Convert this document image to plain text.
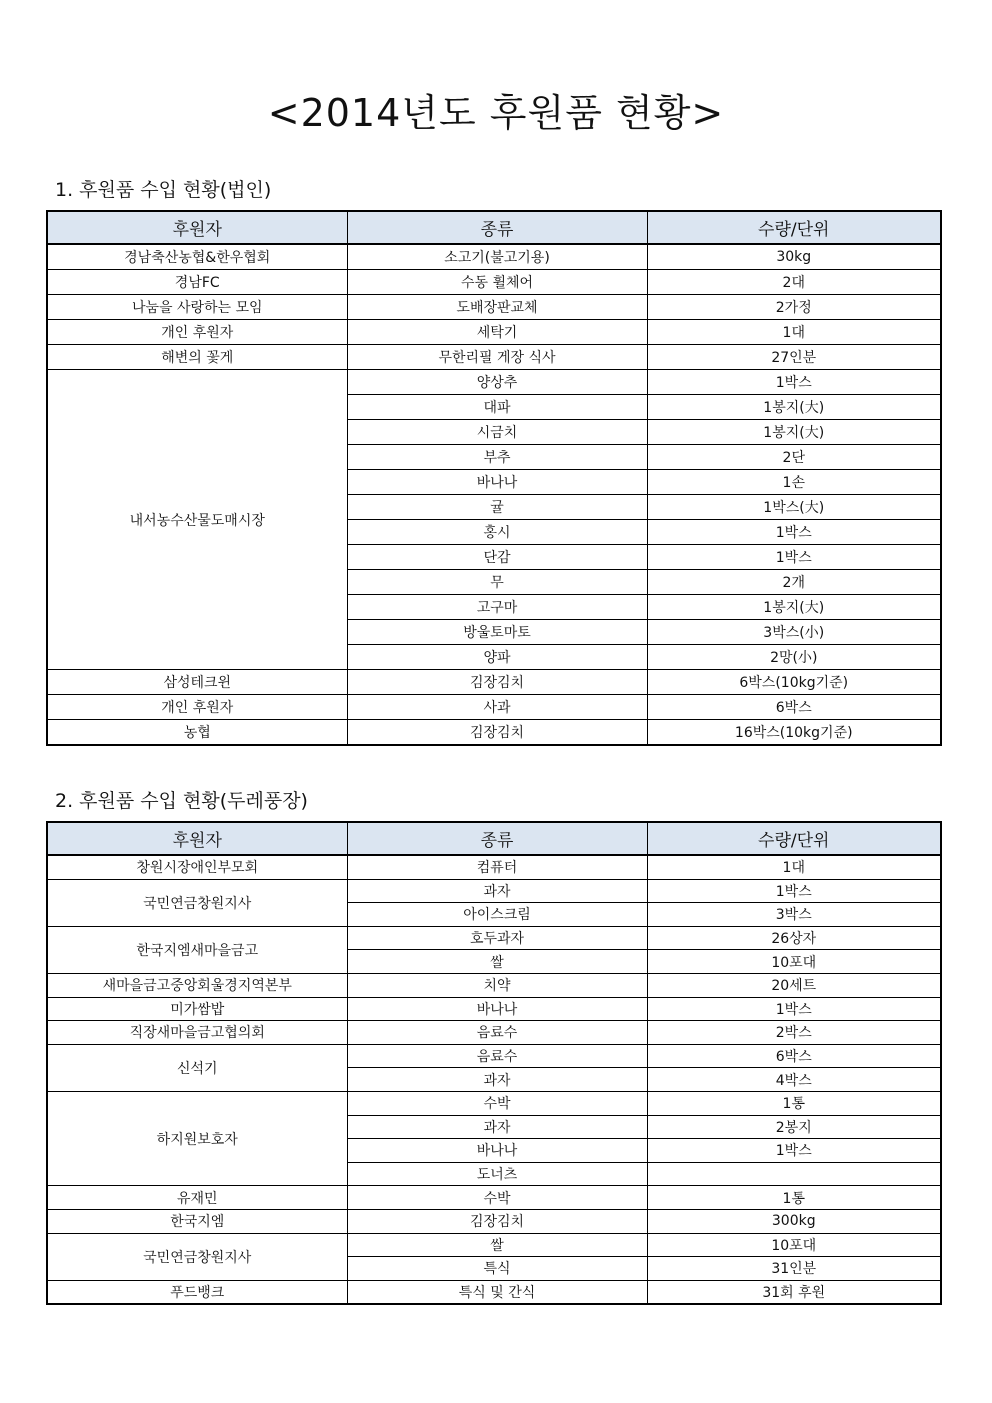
<2014년도 후원품 현황>
1. 후원품 수입 현황(법인)
후원자	종류	수량/단위
경남축산농협&한우협회	소고기(불고기용)	30kg
경남FC	수동 휠체어	2대
나눔을 사랑하는 모임	도배장판교체	2가정
개인 후원자	세탁기	1대
해변의 꽃게	무한리필 게장 식사	27인분
내서농수산물도매시장	양상추	1박스
	대파	1봉지(大)
	시금치	1봉지(大)
	부추	2단
	바나나	1손
	귤	1박스(大)
	홍시	1박스
	단감	1박스
	무	2개
	고구마	1봉지(大)
	방울토마토	3박스(小)
	양파	2망(小)
삼성테크윈	김장김치	6박스(10kg기준)
개인 후원자	사과	6박스
농협	김장김치	16박스(10kg기준)
2. 후원품 수입 현황(두레풍장)
후원자	종류	수량/단위
창원시장애인부모회	컴퓨터	1대
국민연금창원지사	과자	1박스
	아이스크림	3박스
한국지엠새마을금고	호두과자	26상자
	쌀	10포대
새마을금고중앙회울경지역본부	치약	20세트
미가쌈밥	바나나	1박스
직장새마을금고협의회	음료수	2박스
신석기	음료수	6박스
	과자	4박스
하지원보호자	수박	1통
	과자	2봉지
	바나나	1박스
	도너츠	
유재민	수박	1통
한국지엠	김장김치	300kg
국민연금창원지사	쌀	10포대
	특식	31인분
푸드뱅크	특식 및 간식	31회 후원
